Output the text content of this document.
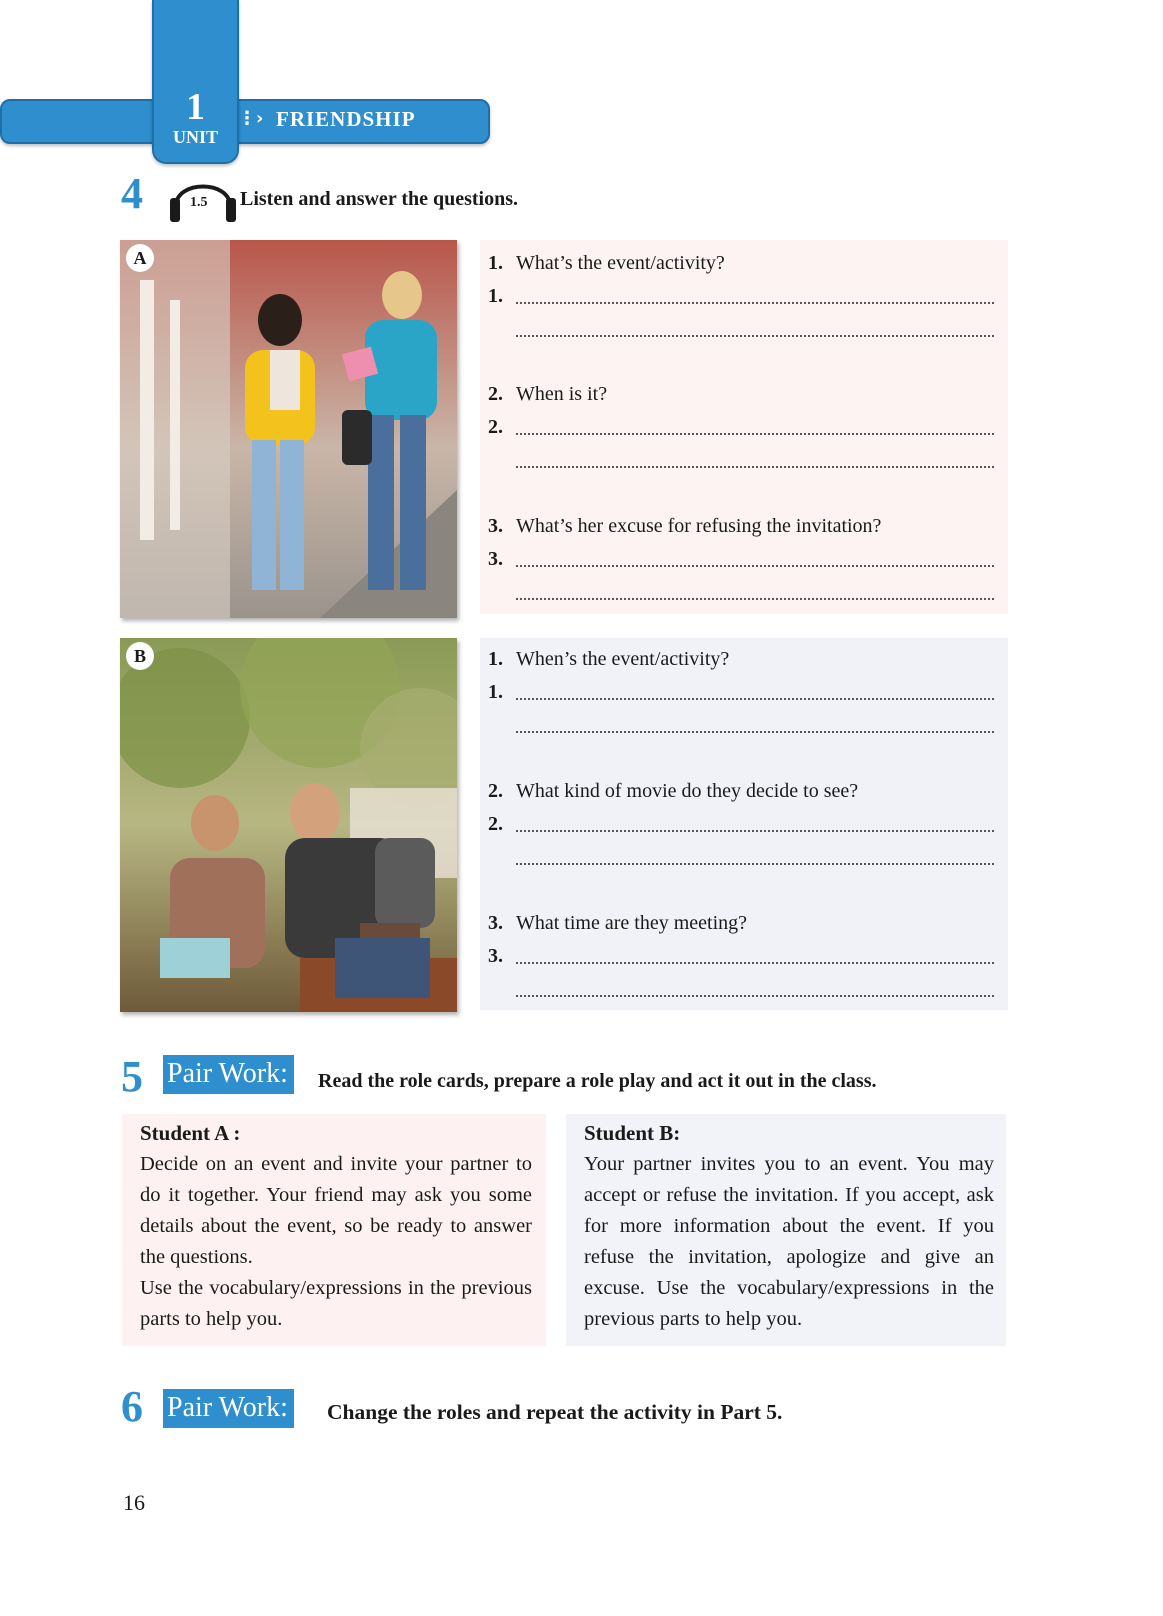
1
UNIT
⋮› FRIENDSHIP
4	1.5 Listen and answer the questions.
A	1. What’s the event/activity?
1.
2. When is it?
2.
3. What’s her excuse for refusing the invitation?
3.
B	1. When’s the event/activity?
1.
2. What kind of movie do they decide to see?
2.
3. What time are they meeting?
3.
5 Pair Work:	Read the role cards, prepare a role play and act it out in the class.
Student A :

Decide on an event and invite your partner to do it together. Your friend may ask you some details about the event, so be ready to answer the questions.

Use the vocabulary/expressions in the previous parts to help you.

Student B:

Your partner invites you to an event. You may accept or refuse the invitation. If you accept, ask for more information about the event. If you refuse the invitation, apologize and give an excuse. Use the vocabulary/expressions in the previous parts to help you.

6 Pair Work: Change the roles and repeat the activity in Part 5.
16
